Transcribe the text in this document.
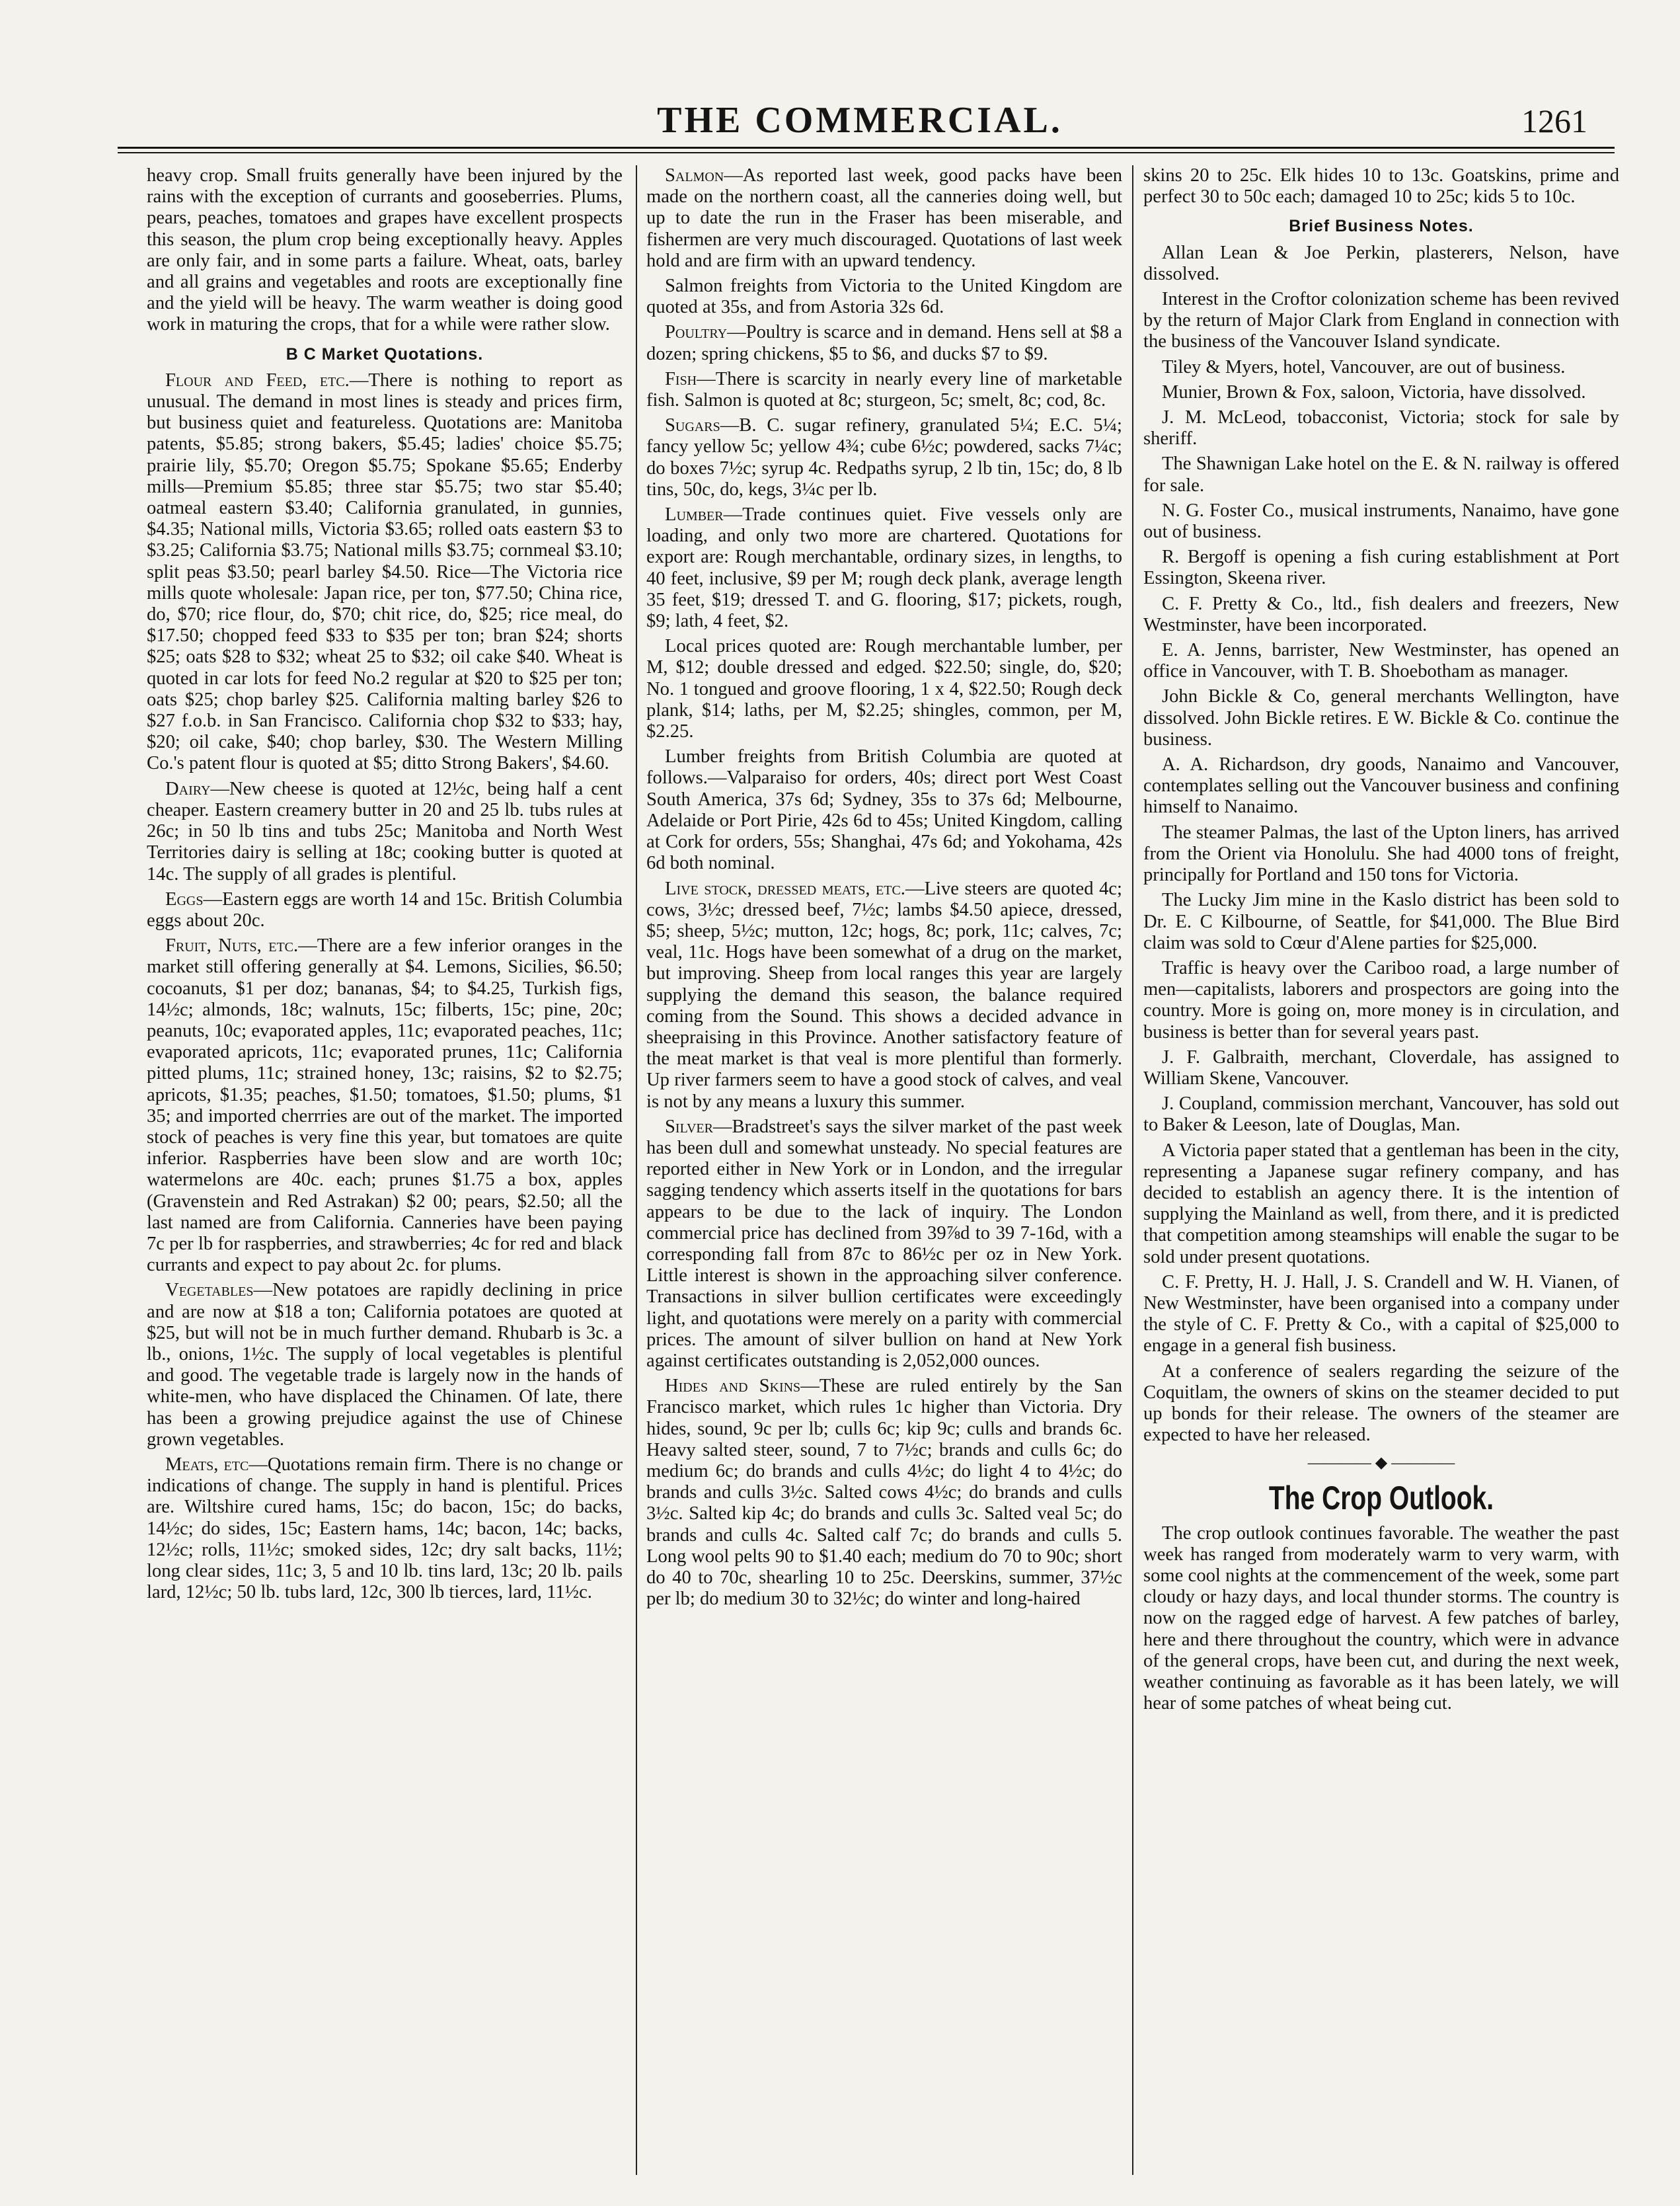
THE COMMERCIAL.	1261

heavy crop. Small fruits generally have been injured by the rains with the exception of currants and gooseberries. Plums, pears, peaches, tomatoes and grapes have excellent prospects this season, the plum crop being exceptionally heavy. Apples are only fair, and in some parts a failure. Wheat, oats, barley and all grains and vegetables and roots are exceptionally fine and the yield will be heavy. The warm weather is doing good work in maturing the crops, that for a while were rather slow.

B C Market Quotations.

Flour and Feed, etc.—There is nothing to report as unusual. The demand in most lines is steady and prices firm, but business quiet and featureless. Quotations are: Manitoba patents, $5.85; strong bakers, $5.45; ladies' choice $5.75; prairie lily, $5.70; Oregon $5.75; Spokane $5.65; Enderby mills—Premium $5.85; three star $5.75; two star $5.40; oatmeal eastern $3.40; California granulated, in gunnies, $4.35; National mills, Victoria $3.65; rolled oats eastern $3 to $3.25; California $3.75; National mills $3.75; cornmeal $3.10; split peas $3.50; pearl barley $4.50. Rice—The Victoria rice mills quote wholesale: Japan rice, per ton, $77.50; China rice, do, $70; rice flour, do, $70; chit rice, do, $25; rice meal, do $17.50; chopped feed $33 to $35 per ton; bran $24; shorts $25; oats $28 to $32; wheat 25 to $32; oil cake $40. Wheat is quoted in car lots for feed No.2 regular at $20 to $25 per ton; oats $25; chop barley $25. California malting barley $26 to $27 f.o.b. in San Francisco. California chop $32 to $33; hay, $20; oil cake, $40; chop barley, $30. The Western Milling Co.'s patent flour is quoted at $5; ditto Strong Bakers', $4.60.

Dairy—New cheese is quoted at 12½c, being half a cent cheaper. Eastern creamery butter in 20 and 25 lb. tubs rules at 26c; in 50 lb tins and tubs 25c; Manitoba and North West Territories dairy is selling at 18c; cooking butter is quoted at 14c. The supply of all grades is plentiful.

Eggs—Eastern eggs are worth 14 and 15c. British Columbia eggs about 20c.

Fruit, Nuts, etc.—There are a few inferior oranges in the market still offering generally at $4. Lemons, Sicilies, $6.50; cocoanuts, $1 per doz; bananas, $4; to $4.25, Turkish figs, 14½c; almonds, 18c; walnuts, 15c; filberts, 15c; pine, 20c; peanuts, 10c; evaporated apples, 11c; evaporated peaches, 11c; evaporated apricots, 11c; evaporated prunes, 11c; California pitted plums, 11c; strained honey, 13c; raisins, $2 to $2.75; apricots, $1.35; peaches, $1.50; tomatoes, $1.50; plums, $1 35; and imported cherrries are out of the market. The imported stock of peaches is very fine this year, but tomatoes are quite inferior. Raspberries have been slow and are worth 10c; watermelons are 40c. each; prunes $1.75 a box, apples (Gravenstein and Red Astrakan) $2 00; pears, $2.50; all the last named are from California. Canneries have been paying 7c per lb for raspberries, and strawberries; 4c for red and black currants and expect to pay about 2c. for plums.

Vegetables—New potatoes are rapidly declining in price and are now at $18 a ton; California potatoes are quoted at $25, but will not be in much further demand. Rhubarb is 3c. a lb., onions, 1½c. The supply of local vegetables is plentiful and good. The vegetable trade is largely now in the hands of white-men, who have displaced the Chinamen. Of late, there has been a growing prejudice against the use of Chinese grown vegetables.

Meats, etc—Quotations remain firm. There is no change or indications of change. The supply in hand is plentiful. Prices are. Wiltshire cured hams, 15c; do bacon, 15c; do backs, 14½c; do sides, 15c; Eastern hams, 14c; bacon, 14c; backs, 12½c; rolls, 11½c; smoked sides, 12c; dry salt backs, 11½; long clear sides, 11c; 3, 5 and 10 lb. tins lard, 13c; 20 lb. pails lard, 12½c; 50 lb. tubs lard, 12c, 300 lb tierces, lard, 11½c.

Salmon—As reported last week, good packs have been made on the northern coast, all the canneries doing well, but up to date the run in the Fraser has been miserable, and fishermen are very much discouraged. Quotations of last week hold and are firm with an upward tendency.

Salmon freights from Victoria to the United Kingdom are quoted at 35s, and from Astoria 32s 6d.

Poultry—Poultry is scarce and in demand. Hens sell at $8 a dozen; spring chickens, $5 to $6, and ducks $7 to $9.

Fish—There is scarcity in nearly every line of marketable fish. Salmon is quoted at 8c; sturgeon, 5c; smelt, 8c; cod, 8c.

Sugars—B. C. sugar refinery, granulated 5¼; E.C. 5¼; fancy yellow 5c; yellow 4¾; cube 6½c; powdered, sacks 7¼c; do boxes 7½c; syrup 4c. Redpaths syrup, 2 lb tin, 15c; do, 8 lb tins, 50c, do, kegs, 3¼c per lb.

Lumber—Trade continues quiet. Five vessels only are loading, and only two more are chartered. Quotations for export are: Rough merchantable, ordinary sizes, in lengths, to 40 feet, inclusive, $9 per M; rough deck plank, average length 35 feet, $19; dressed T. and G. flooring, $17; pickets, rough, $9; lath, 4 feet, $2.

Local prices quoted are: Rough merchantable lumber, per M, $12; double dressed and edged. $22.50; single, do, $20; No. 1 tongued and groove flooring, 1 x 4, $22.50; Rough deck plank, $14; laths, per M, $2.25; shingles, common, per M, $2.25.

Lumber freights from British Columbia are quoted at follows.—Valparaiso for orders, 40s; direct port West Coast South America, 37s 6d; Sydney, 35s to 37s 6d; Melbourne, Adelaide or Port Pirie, 42s 6d to 45s; United Kingdom, calling at Cork for orders, 55s; Shanghai, 47s 6d; and Yokohama, 42s 6d both nominal.

Live stock, dressed meats, etc.—Live steers are quoted 4c; cows, 3½c; dressed beef, 7½c; lambs $4.50 apiece, dressed, $5; sheep, 5½c; mutton, 12c; hogs, 8c; pork, 11c; calves, 7c; veal, 11c. Hogs have been somewhat of a drug on the market, but improving. Sheep from local ranges this year are largely supplying the demand this season, the balance required coming from the Sound. This shows a decided advance in sheepraising in this Province. Another satisfactory feature of the meat market is that veal is more plentiful than formerly. Up river farmers seem to have a good stock of calves, and veal is not by any means a luxury this summer.

Silver—Bradstreet's says the silver market of the past week has been dull and somewhat unsteady. No special features are reported either in New York or in London, and the irregular sagging tendency which asserts itself in the quotations for bars appears to be due to the lack of inquiry. The London commercial price has declined from 39⅞d to 39 7-16d, with a corresponding fall from 87c to 86½c per oz in New York. Little interest is shown in the approaching silver conference. Transactions in silver bullion certificates were exceedingly light, and quotations were merely on a parity with commercial prices. The amount of silver bullion on hand at New York against certificates outstanding is 2,052,000 ounces.

Hides and Skins—These are ruled entirely by the San Francisco market, which rules 1c higher than Victoria. Dry hides, sound, 9c per lb; culls 6c; kip 9c; culls and brands 6c. Heavy salted steer, sound, 7 to 7½c; brands and culls 6c; do medium 6c; do brands and culls 4½c; do light 4 to 4½c; do brands and culls 3½c. Salted cows 4½c; do brands and culls 3½c. Salted kip 4c; do brands and culls 3c. Salted veal 5c; do brands and culls 4c. Salted calf 7c; do brands and culls 5. Long wool pelts 90 to $1.40 each; medium do 70 to 90c; short do 40 to 70c, shearling 10 to 25c. Deerskins, summer, 37½c per lb; do medium 30 to 32½c; do winter and long-haired

skins 20 to 25c. Elk hides 10 to 13c. Goatskins, prime and perfect 30 to 50c each; damaged 10 to 25c; kids 5 to 10c.

Brief Business Notes.

Allan Lean & Joe Perkin, plasterers, Nelson, have dissolved.

Interest in the Croftor colonization scheme has been revived by the return of Major Clark from England in connection with the business of the Vancouver Island syndicate.

Tiley & Myers, hotel, Vancouver, are out of business.

Munier, Brown & Fox, saloon, Victoria, have dissolved.

J. M. McLeod, tobacconist, Victoria; stock for sale by sheriff.

The Shawnigan Lake hotel on the E. & N. railway is offered for sale.

N. G. Foster Co., musical instruments, Nanaimo, have gone out of business.

R. Bergoff is opening a fish curing establishment at Port Essington, Skeena river.

C. F. Pretty & Co., ltd., fish dealers and freezers, New Westminster, have been incorporated.

E. A. Jenns, barrister, New Westminster, has opened an office in Vancouver, with T. B. Shoebotham as manager.

John Bickle & Co, general merchants Wellington, have dissolved. John Bickle retires. E W. Bickle & Co. continue the business.

A. A. Richardson, dry goods, Nanaimo and Vancouver, contemplates selling out the Vancouver business and confining himself to Nanaimo.

The steamer Palmas, the last of the Upton liners, has arrived from the Orient via Honolulu. She had 4000 tons of freight, principally for Portland and 150 tons for Victoria.

The Lucky Jim mine in the Kaslo district has been sold to Dr. E. C Kilbourne, of Seattle, for $41,000. The Blue Bird claim was sold to Cœur d'Alene parties for $25,000.

Traffic is heavy over the Cariboo road, a large number of men—capitalists, laborers and prospectors are going into the country. More is going on, more money is in circulation, and business is better than for several years past.

J. F. Galbraith, merchant, Cloverdale, has assigned to William Skene, Vancouver.

J. Coupland, commission merchant, Vancouver, has sold out to Baker & Leeson, late of Douglas, Man.

A Victoria paper stated that a gentleman has been in the city, representing a Japanese sugar refinery company, and has decided to establish an agency there. It is the intention of supplying the Mainland as well, from there, and it is predicted that competition among steamships will enable the sugar to be sold under present quotations.

C. F. Pretty, H. J. Hall, J. S. Crandell and W. H. Vianen, of New Westminster, have been organised into a company under the style of C. F. Pretty & Co., with a capital of $25,000 to engage in a general fish business.

At a conference of sealers regarding the seizure of the Coquitlam, the owners of skins on the steamer decided to put up bonds for their release. The owners of the steamer are expected to have her released.

———— ◆ ————
The Crop Outlook.

The crop outlook continues favorable. The weather the past week has ranged from moderately warm to very warm, with some cool nights at the commencement of the week, some part cloudy or hazy days, and local thunder storms. The country is now on the ragged edge of harvest. A few patches of barley, here and there throughout the country, which were in advance of the general crops, have been cut, and during the next week, weather continuing as favorable as it has been lately, we will hear of some patches of wheat being cut.
